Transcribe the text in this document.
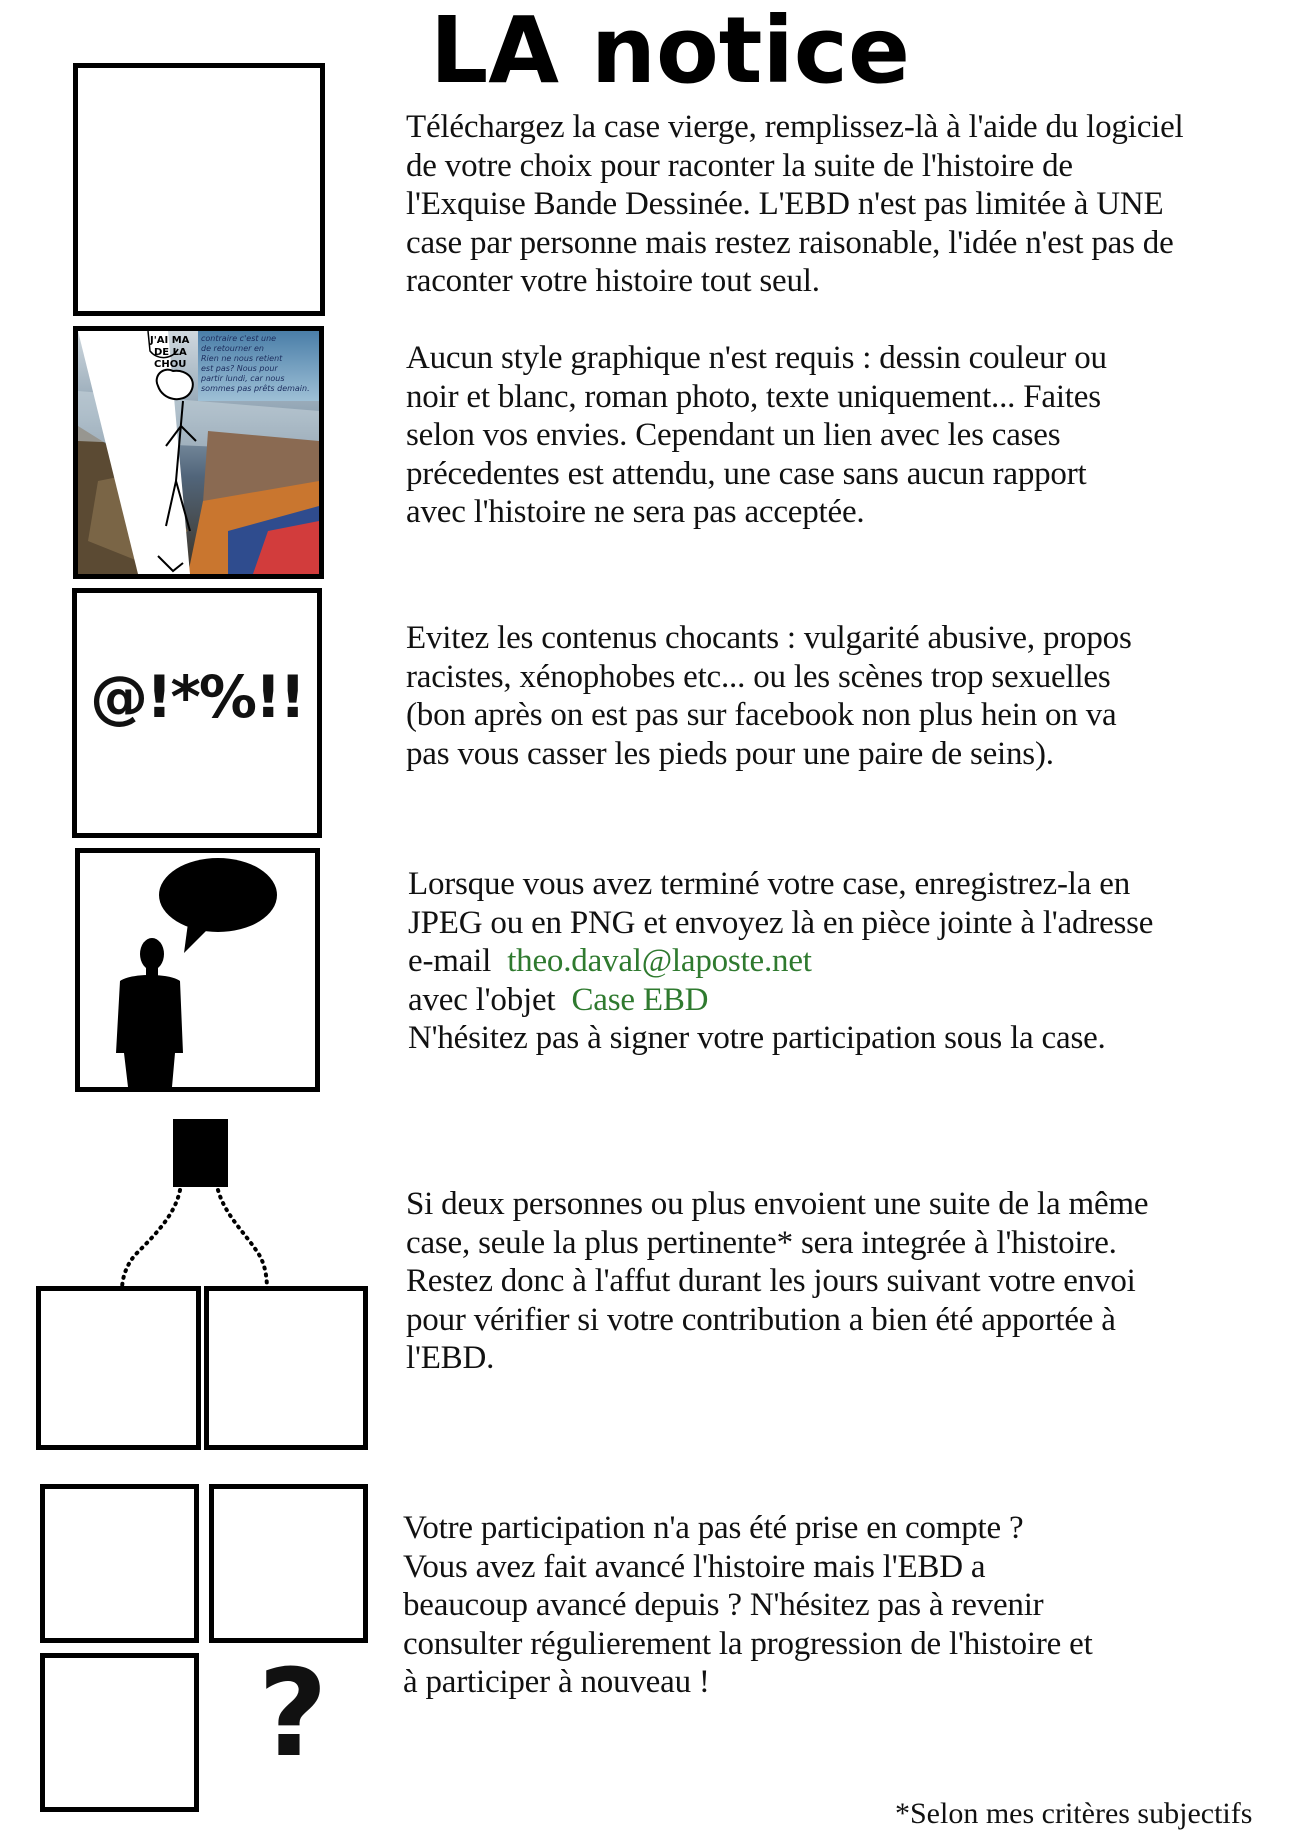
LA notice
J'AI MA
DE LA
CHOU
contraire c'est une
de retourner en
Rien ne nous retient
est pas? Nous pour
partir lundi, car nous
sommes pas prêts demain.
@!*%!!
?
Téléchargez la case vierge, remplissez-là à l'aide du logiciel
de votre choix pour raconter la suite de l'histoire de
l'Exquise Bande Dessinée. L'EBD n'est pas limitée à UNE
case par personne mais restez raisonable, l'idée n'est pas de
raconter votre histoire tout seul.
Aucun style graphique n'est requis : dessin couleur ou
noir et blanc, roman photo, texte uniquement... Faites
selon vos envies. Cependant un lien avec les cases
précedentes est attendu, une case sans aucun rapport
avec l'histoire ne sera pas acceptée.
Evitez les contenus chocants : vulgarité abusive, propos
racistes, xénophobes etc... ou les scènes trop sexuelles
(bon après on est pas sur facebook non plus hein on va
pas vous casser les pieds pour une paire de seins).
Lorsque vous avez terminé votre case, enregistrez-la en
JPEG ou en PNG et envoyez là en pièce jointe à l'adresse
e-mail theo.daval@laposte.net
avec l'objet Case EBD
N'hésitez pas à signer votre participation sous la case.
Si deux personnes ou plus envoient une suite de la même
case, seule la plus pertinente* sera integrée à l'histoire.
Restez donc à l'affut durant les jours suivant votre envoi
pour vérifier si votre contribution a bien été apportée à
l'EBD.
Votre participation n'a pas été prise en compte ?
Vous avez fait avancé l'histoire mais l'EBD a
beaucoup avancé depuis ? N'hésitez pas à revenir
consulter régulierement la progression de l'histoire et
à participer à nouveau !
*Selon mes critères subjectifs
